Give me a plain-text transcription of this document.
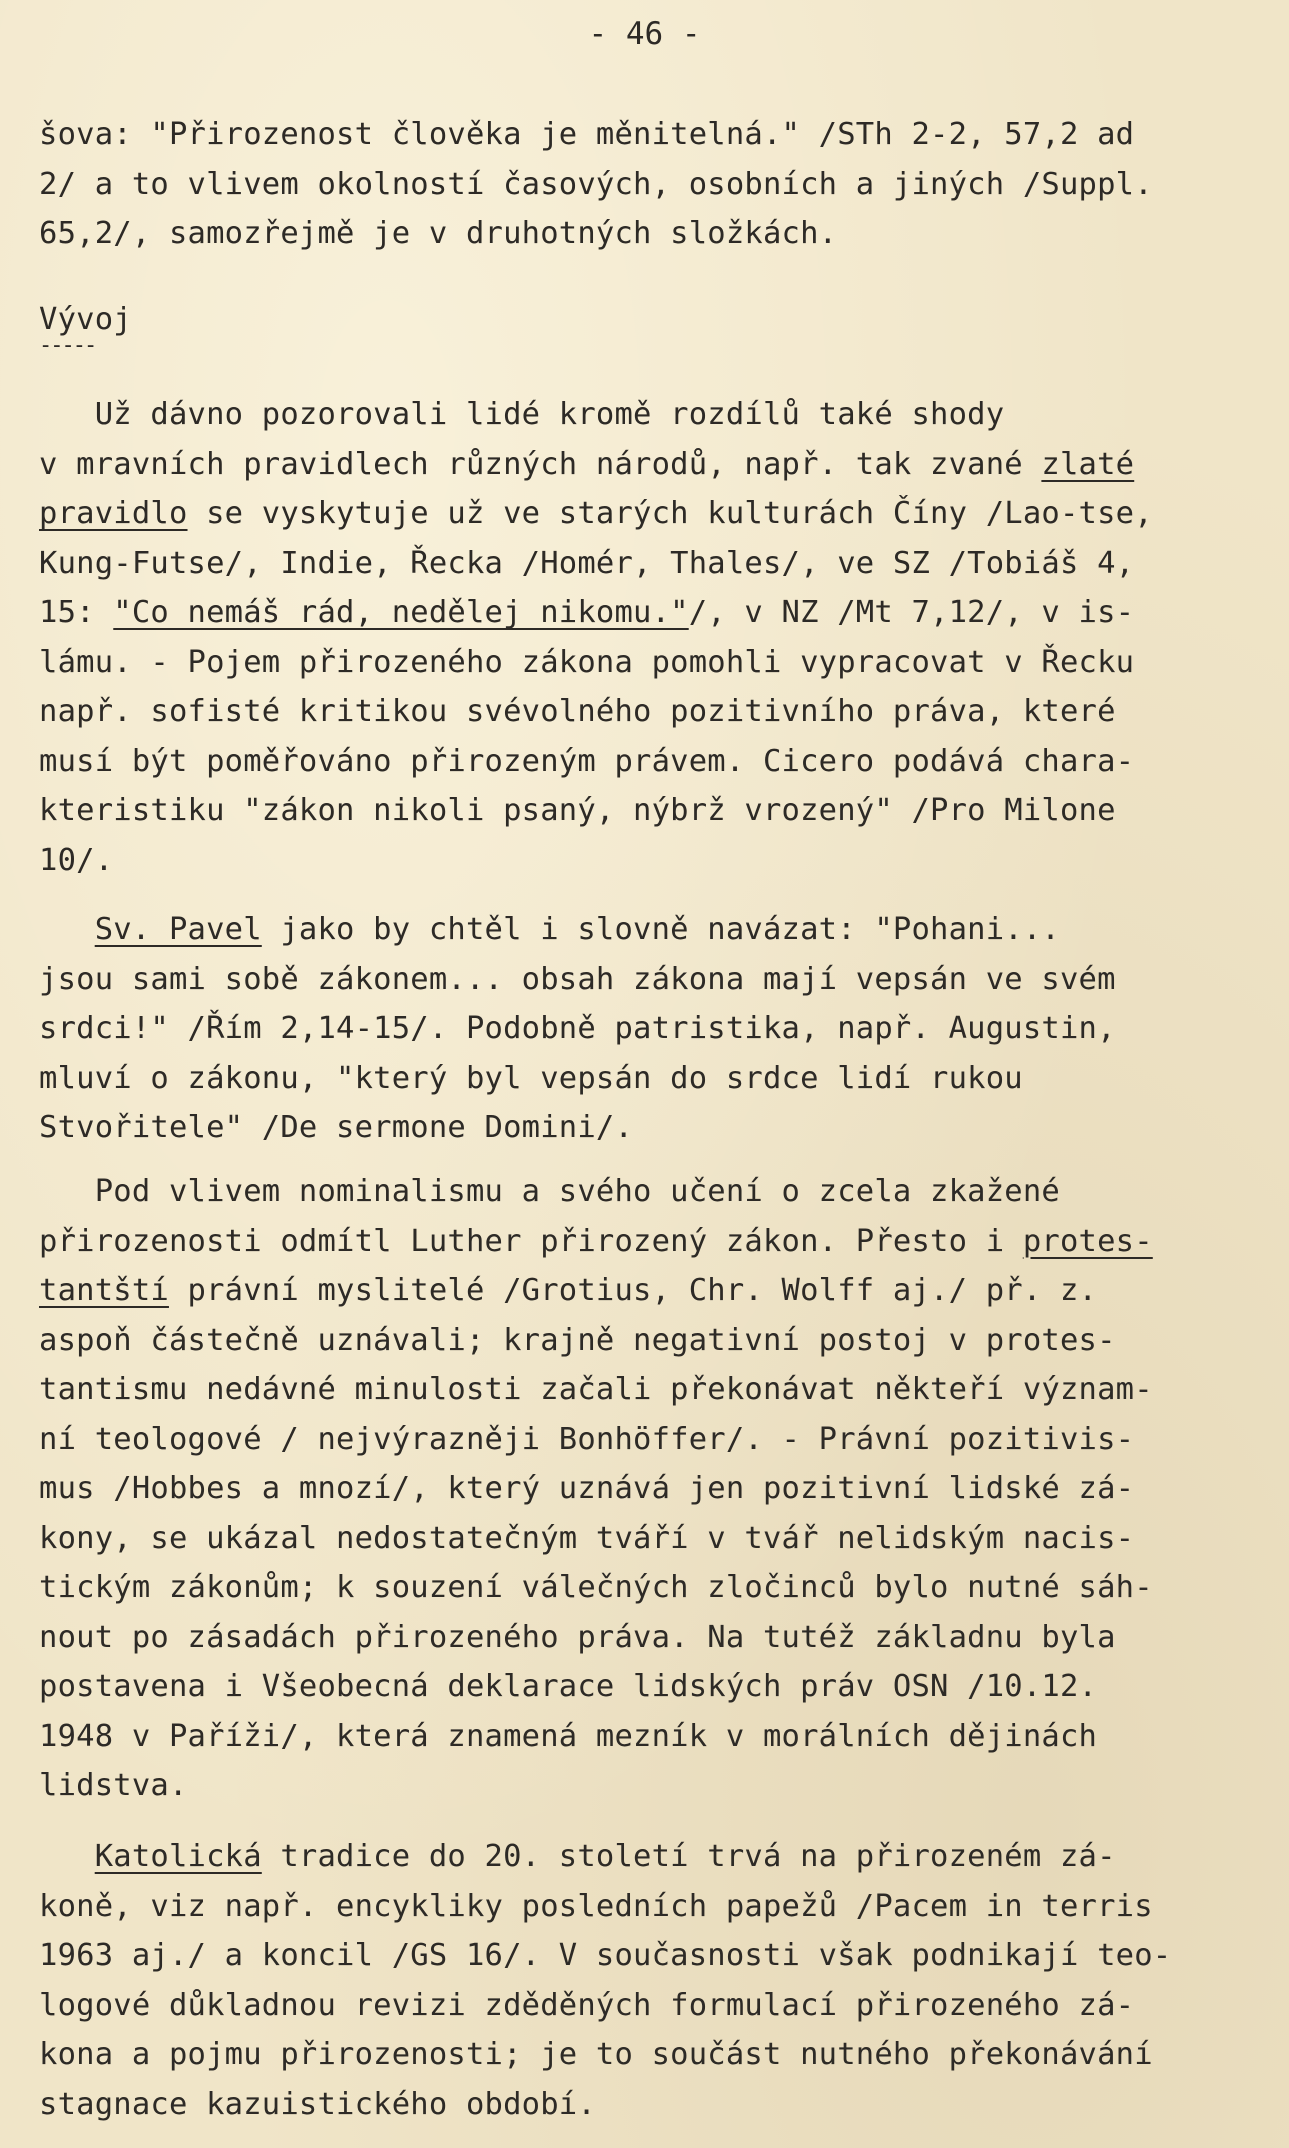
- 46 -
šova: "Přirozenost člověka je měnitelná." /STh 2-2, 57,2 ad
2/ a to vlivem okolností časových, osobních a jiných /Suppl.
65,2/, samozřejmě je v druhotných složkách.
Vývoj
-----
Už dávno pozorovali lidé kromě rozdílů také shody
v mravních pravidlech různých národů, např. tak zvané zlaté
pravidlo se vyskytuje už ve starých kulturách Číny /Lao-tse,
Kung-Futse/, Indie, Řecka /Homér, Thales/, ve SZ /Tobiáš 4,
15: "Co nemáš rád, nedělej nikomu."/, v NZ /Mt 7,12/, v is-
lámu. - Pojem přirozeného zákona pomohli vypracovat v Řecku
např. sofisté kritikou svévolného pozitivního práva, které
musí být poměřováno přirozeným právem. Cicero podává chara-
kteristiku "zákon nikoli psaný, nýbrž vrozený" /Pro Milone
10/.
Sv. Pavel jako by chtěl i slovně navázat: "Pohani...
jsou sami sobě zákonem... obsah zákona mají vepsán ve svém
srdci!" /Řím 2,14-15/. Podobně patristika, např. Augustin,
mluví o zákonu, "který byl vepsán do srdce lidí rukou
Stvořitele" /De sermone Domini/.
Pod vlivem nominalismu a svého učení o zcela zkažené
přirozenosti odmítl Luther přirozený zákon. Přesto i protes-
tantští právní myslitelé /Grotius, Chr. Wolff aj./ př. z.
aspoň částečně uznávali; krajně negativní postoj v protes-
tantismu nedávné minulosti začali překonávat někteří význam-
ní teologové / nejvýrazněji Bonhöffer/. - Právní pozitivis-
mus /Hobbes a mnozí/, který uznává jen pozitivní lidské zá-
kony, se ukázal nedostatečným tváří v tvář nelidským nacis-
tickým zákonům; k souzení válečných zločinců bylo nutné sáh-
nout po zásadách přirozeného práva. Na tutéž základnu byla
postavena i Všeobecná deklarace lidských práv OSN /10.12.
1948 v Paříži/, která znamená mezník v morálních dějinách
lidstva.
Katolická tradice do 20. století trvá na přirozeném zá-
koně, viz např. encykliky posledních papežů /Pacem in terris
1963 aj./ a koncil /GS 16/. V současnosti však podnikají teo-
logové důkladnou revizi zděděných formulací přirozeného zá-
kona a pojmu přirozenosti; je to součást nutného překonávání
stagnace kazuistického období.
